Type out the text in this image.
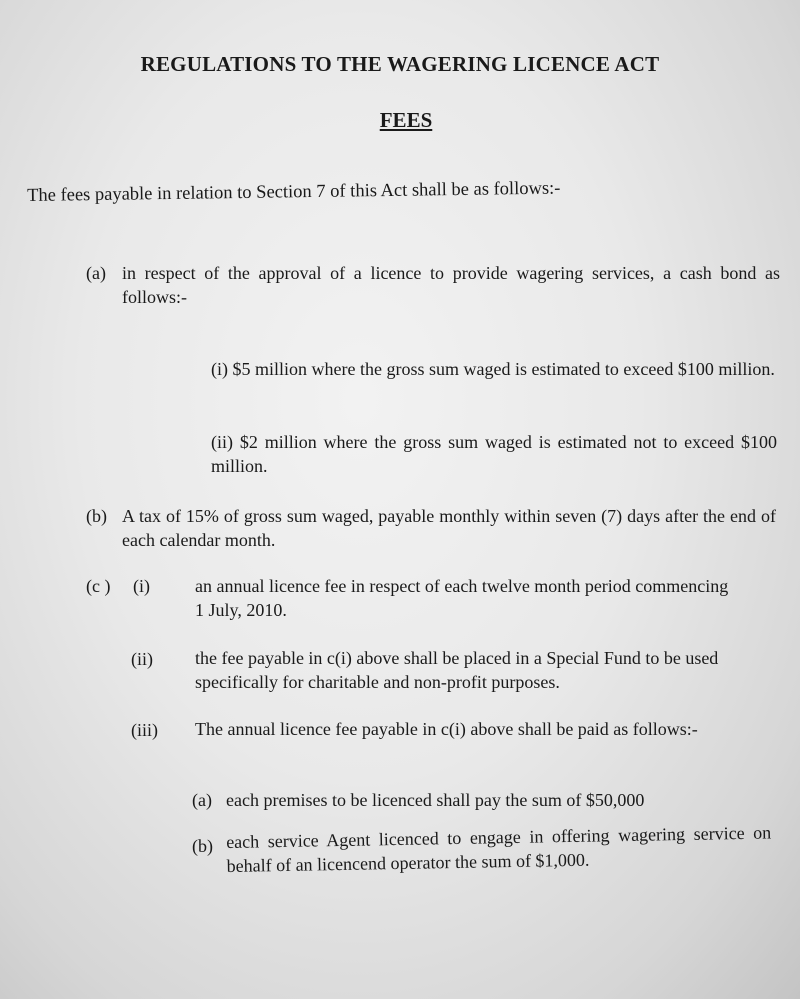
REGULATIONS TO THE WAGERING LICENCE ACT
FEES
The fees payable in relation to Section 7 of this Act shall be as follows:-
(a) in respect of the approval of a licence to provide wagering services, a cash bond as follows:-
(i) $5 million where the gross sum waged is estimated to exceed $100 million.
(ii) $2 million where the gross sum waged is estimated not to exceed $100 million.
(b) A tax of 15% of gross sum waged, payable monthly within seven (7) days after the end of each calendar month.
(c ) (i)	an annual licence fee in respect of each twelve month period commencing 1 July, 2010.
(ii) the fee payable in c(i) above shall be placed in a Special Fund to be used specifically for charitable and non-profit purposes.
(iii) The annual licence fee payable in c(i) above shall be paid as follows:-
(a) each premises to be licenced shall pay the sum of $50,000
(b) each service Agent licenced to engage in offering wagering service on behalf of an licencend operator the sum of $1,000.
